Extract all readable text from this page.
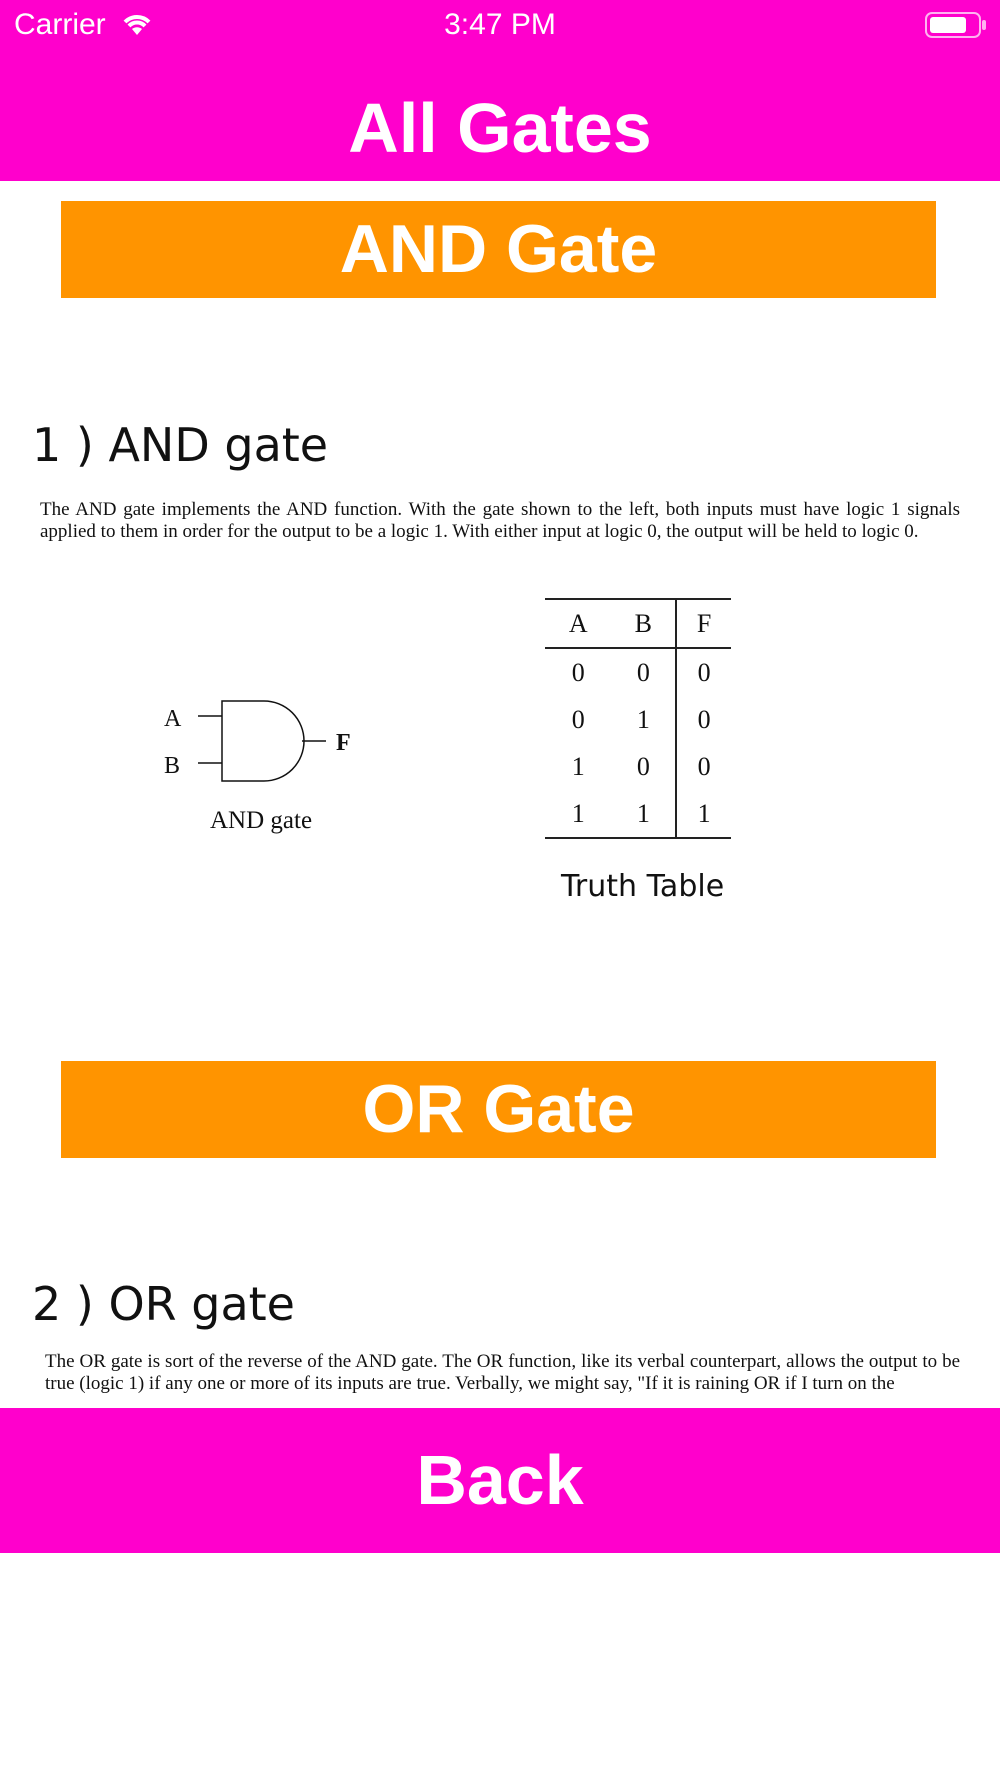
Carrier	3:47 PM
All Gates
AND Gate
1 ) AND gate
The AND gate implements the AND function. With the gate shown to the left, both inputs must have logic 1 signals applied to them in order for the output to be a logic 1. With either input at logic 0, the output will be held to logic 0.
A
B
F
AND gate
A	B	F
0	0	0
0	1	0
1	0	0
1	1	1
Truth Table
OR Gate
2 ) OR gate
The OR gate is sort of the reverse of the AND gate. The OR function, like its verbal counterpart, allows the output to be true (logic 1) if any one or more of its inputs are true. Verbally, we might say, "If it is raining OR if I turn on the
Back
